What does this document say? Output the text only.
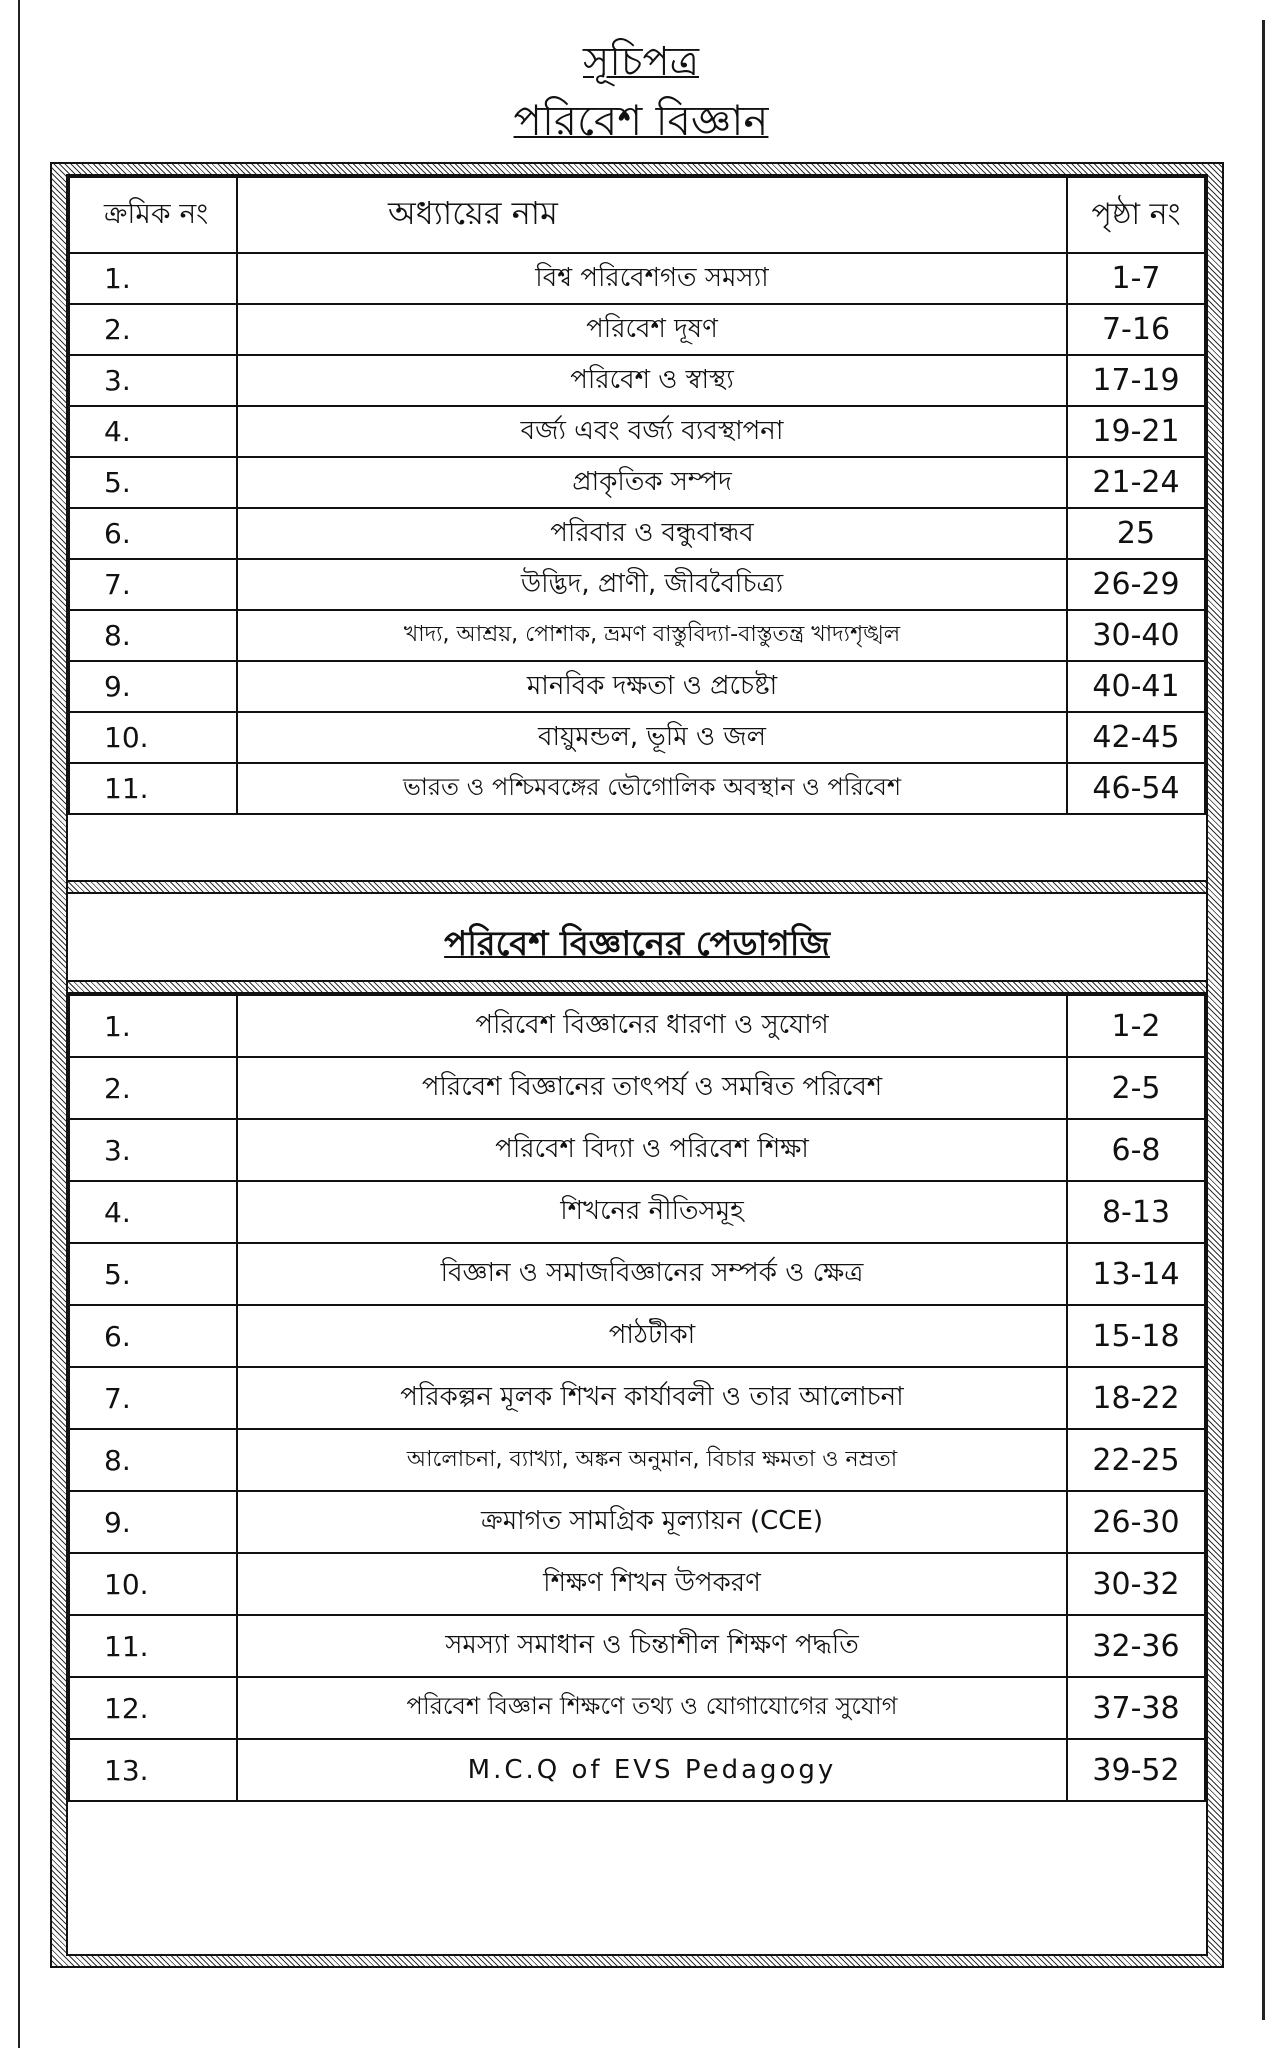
সূচিপত্র
পরিবেশ বিজ্ঞান
ক্রমিক নং	অধ্যায়ের নাম	পৃষ্ঠা নং
1.	বিশ্ব পরিবেশগত সমস্যা	1-7
2.	পরিবেশ দূষণ	7-16
3.	পরিবেশ ও স্বাস্থ্য	17-19
4.	বর্জ্য এবং বর্জ্য ব্যবস্থাপনা	19-21
5.	প্রাকৃতিক সম্পদ	21-24
6.	পরিবার ও বন্ধুবান্ধব	25
7.	উদ্ভিদ, প্রাণী, জীববৈচিত্র্য	26-29
8.	খাদ্য, আশ্রয়, পোশাক, ভ্রমণ বাস্তুবিদ্যা-বাস্তুতন্ত্র খাদ্যশৃঙ্খল	30-40
9.	মানবিক দক্ষতা ও প্রচেষ্টা	40-41
10.	বায়ুমন্ডল, ভূমি ও জল	42-45
11.	ভারত ও পশ্চিমবঙ্গের ভৌগোলিক অবস্থান ও পরিবেশ	46-54
পরিবেশ বিজ্ঞানের পেডাগজি
1.	পরিবেশ বিজ্ঞানের ধারণা ও সুযোগ	1-2
2.	পরিবেশ বিজ্ঞানের তাৎপর্য ও সমন্বিত পরিবেশ	2-5
3.	পরিবেশ বিদ্যা ও পরিবেশ শিক্ষা	6-8
4.	শিখনের নীতিসমূহ	8-13
5.	বিজ্ঞান ও সমাজবিজ্ঞানের সম্পর্ক ও ক্ষেত্র	13-14
6.	পাঠটীকা	15-18
7.	পরিকল্পন মূলক শিখন কার্যাবলী ও তার আলোচনা	18-22
8.	আলোচনা, ব্যাখ্যা, অঙ্কন অনুমান, বিচার ক্ষমতা ও নম্রতা	22-25
9.	ক্রমাগত সামগ্রিক মূল্যায়ন (CCE)	26-30
10.	শিক্ষণ শিখন উপকরণ	30-32
11.	সমস্যা সমাধান ও চিন্তাশীল শিক্ষণ পদ্ধতি	32-36
12.	পরিবেশ বিজ্ঞান শিক্ষণে তথ্য ও যোগাযোগের সুযোগ	37-38
13.	M.C.Q of EVS Pedagogy	39-52
